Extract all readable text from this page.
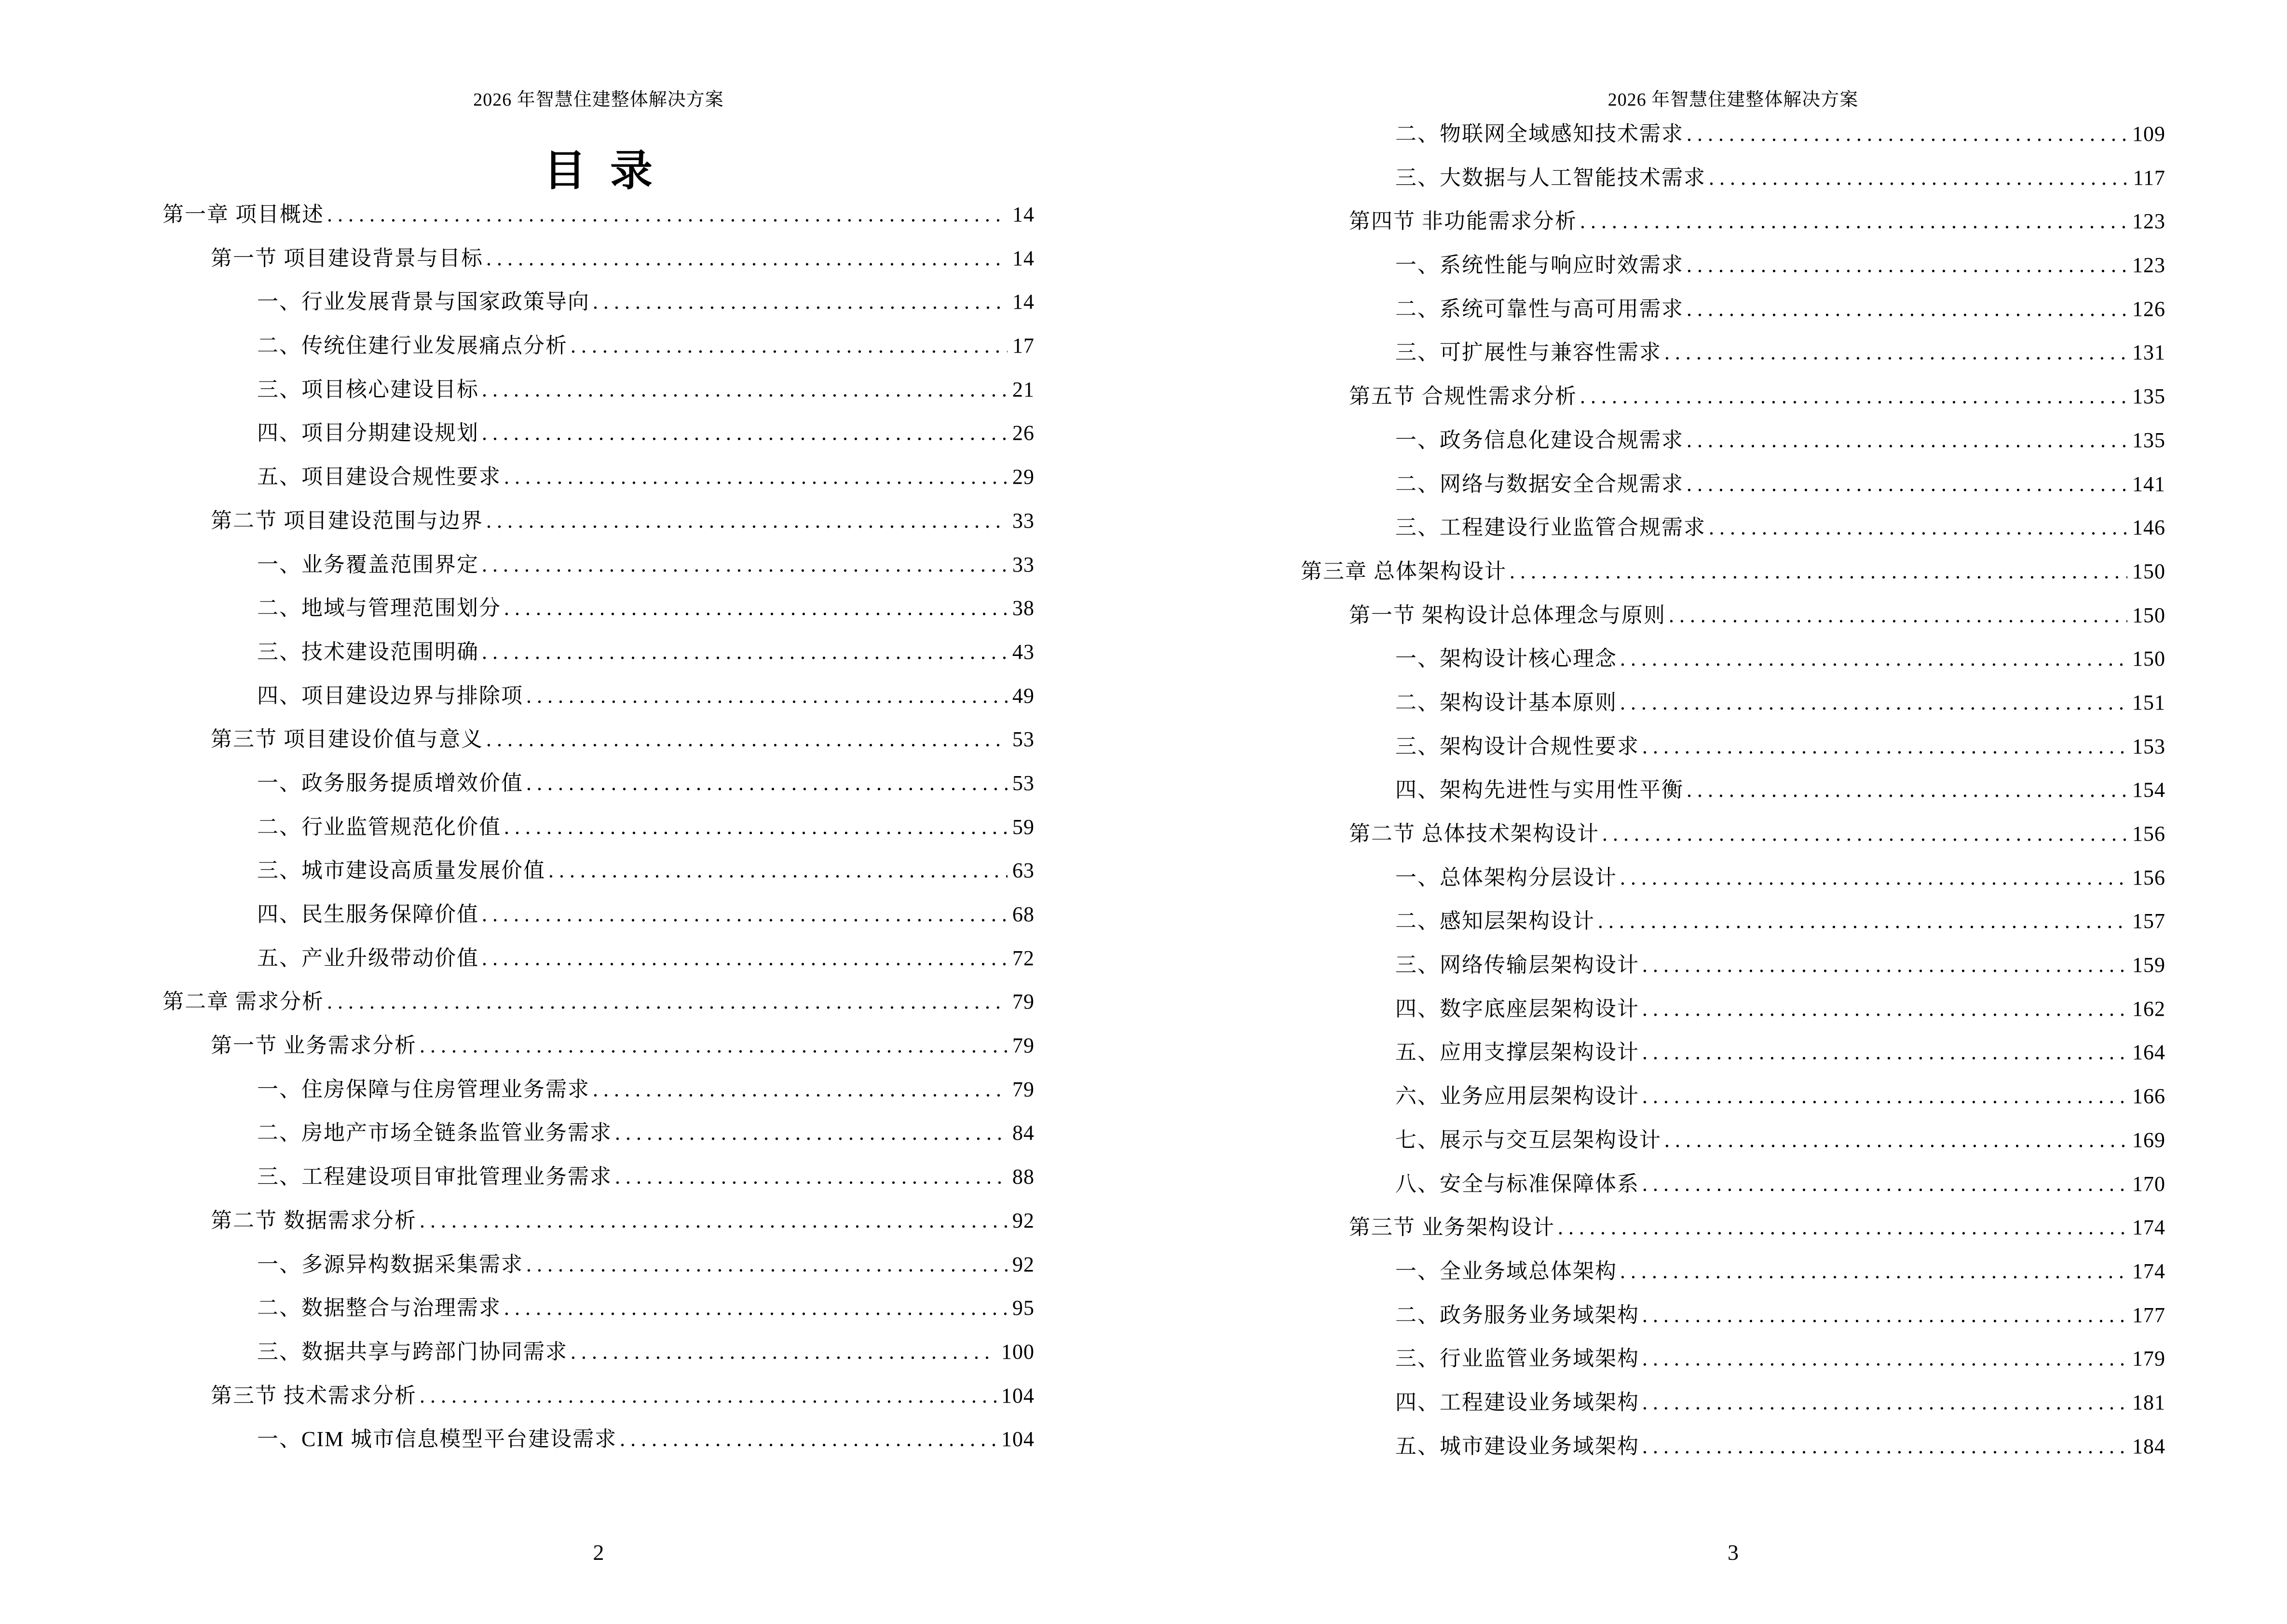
2026 年智慧住建整体解决方案
目  录
第一章 项目概述 .....	14
第一节 项目建设背景与目标 .....	14
一、行业发展背景与国家政策导向 .....	14
二、传统住建行业发展痛点分析 .....	17
三、项目核心建设目标 .....	21
四、项目分期建设规划 .....	26
五、项目建设合规性要求 .....	29
第二节 项目建设范围与边界 .....	33
一、业务覆盖范围界定 .....	33
二、地域与管理范围划分 .....	38
三、技术建设范围明确 .....	43
四、项目建设边界与排除项 .....	49
第三节 项目建设价值与意义 .....	53
一、政务服务提质增效价值 .....	53
二、行业监管规范化价值 .....	59
三、城市建设高质量发展价值 .....	63
四、民生服务保障价值 .....	68
五、产业升级带动价值 .....	72
第二章 需求分析 .....	79
第一节 业务需求分析 .....	79
一、住房保障与住房管理业务需求 .....	79
二、房地产市场全链条监管业务需求 .....	84
三、工程建设项目审批管理业务需求 .....	88
第二节 数据需求分析 .....	92
一、多源异构数据采集需求 .....	92
二、数据整合与治理需求 .....	95
三、数据共享与跨部门协同需求 .....	100
第三节 技术需求分析 .....	104
一、CIM 城市信息模型平台建设需求 .....	104
2
2026 年智慧住建整体解决方案
二、物联网全域感知技术需求 .....	109
三、大数据与人工智能技术需求 .....	117
第四节 非功能需求分析 .....	123
一、系统性能与响应时效需求 .....	123
二、系统可靠性与高可用需求 .....	126
三、可扩展性与兼容性需求 .....	131
第五节 合规性需求分析 .....	135
一、政务信息化建设合规需求 .....	135
二、网络与数据安全合规需求 .....	141
三、工程建设行业监管合规需求 .....	146
第三章 总体架构设计 .....	150
第一节 架构设计总体理念与原则 .....	150
一、架构设计核心理念 .....	150
二、架构设计基本原则 .....	151
三、架构设计合规性要求 .....	153
四、架构先进性与实用性平衡 .....	154
第二节 总体技术架构设计 .....	156
一、总体架构分层设计 .....	156
二、感知层架构设计 .....	157
三、网络传输层架构设计 .....	159
四、数字底座层架构设计 .....	162
五、应用支撑层架构设计 .....	164
六、业务应用层架构设计 .....	166
七、展示与交互层架构设计 .....	169
八、安全与标准保障体系 .....	170
第三节 业务架构设计 .....	174
一、全业务域总体架构 .....	174
二、政务服务业务域架构 .....	177
三、行业监管业务域架构 .....	179
四、工程建设业务域架构 .....	181
五、城市建设业务域架构 .....	184
3
